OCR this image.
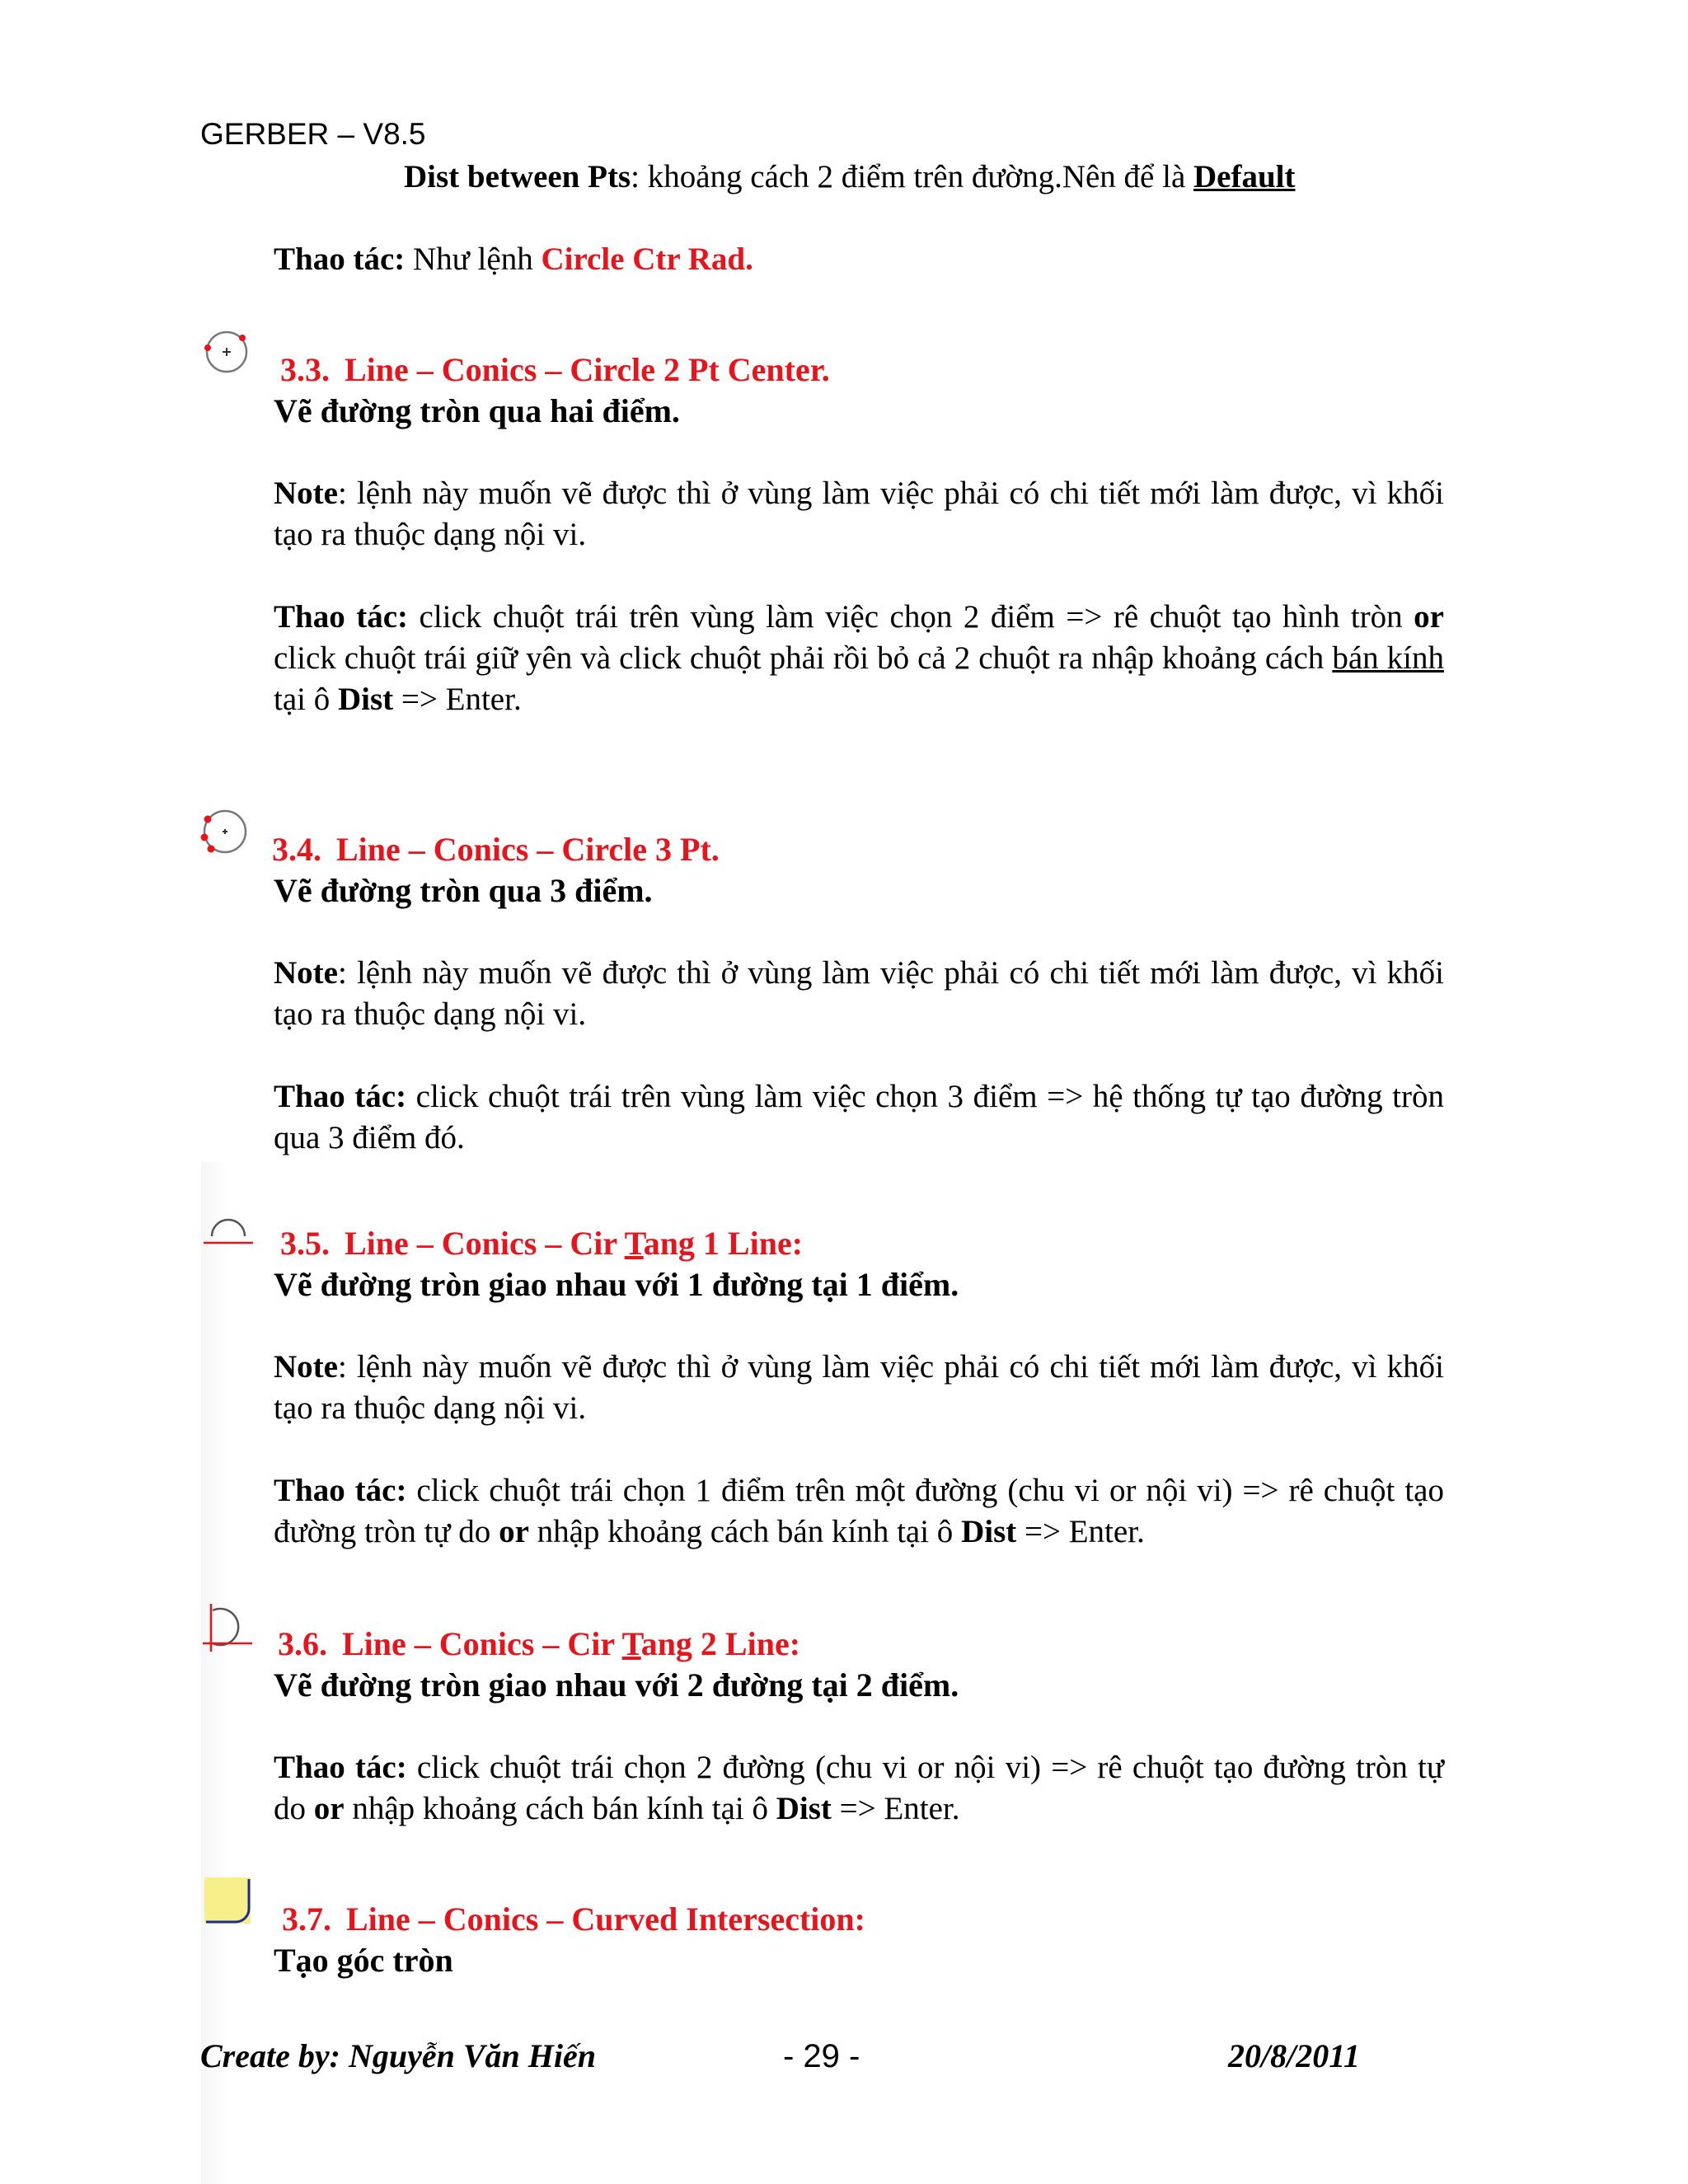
GERBER – V8.5
Dist between Pts: khoảng cách 2 điểm trên đường.Nên để là Default
Thao tác: Như lệnh Circle Ctr Rad.
3.3. Line – Conics – Circle 2 Pt Center.
Vẽ đường tròn qua hai điểm.
Note: lệnh này muốn vẽ được thì ở vùng làm việc phải có chi tiết mới làm được, vì khối tạo ra thuộc dạng nội vi.
Thao tác: click chuột trái trên vùng làm việc chọn 2 điểm => rê chuột tạo hình tròn or click chuột trái giữ yên và click chuột phải rồi bỏ cả 2 chuột ra nhập khoảng cách bán kính tại ô Dist => Enter.
3.4. Line – Conics – Circle 3 Pt.
Vẽ đường tròn qua 3 điểm.
Note: lệnh này muốn vẽ được thì ở vùng làm việc phải có chi tiết mới làm được, vì khối tạo ra thuộc dạng nội vi.
Thao tác: click chuột trái trên vùng làm việc chọn 3 điểm => hệ thống tự tạo đường tròn qua 3 điểm đó.
3.5. Line – Conics – Cir Tang 1 Line:
Vẽ đường tròn giao nhau với 1 đường tại 1 điểm.
Note: lệnh này muốn vẽ được thì ở vùng làm việc phải có chi tiết mới làm được, vì khối tạo ra thuộc dạng nội vi.
Thao tác: click chuột trái chọn 1 điểm trên một đường (chu vi or nội vi) => rê chuột tạo đường tròn tự do or nhập khoảng cách bán kính tại ô Dist => Enter.
3.6. Line – Conics – Cir Tang 2 Line:
Vẽ đường tròn giao nhau với 2 đường tại 2 điểm.
Thao tác: click chuột trái chọn 2 đường (chu vi or nội vi) => rê chuột tạo đường tròn tự do or nhập khoảng cách bán kính tại ô Dist => Enter.
3.7. Line – Conics – Curved Intersection:
Tạo góc tròn
Create by: Nguyễn Văn Hiến	- 29 -	20/8/2011
